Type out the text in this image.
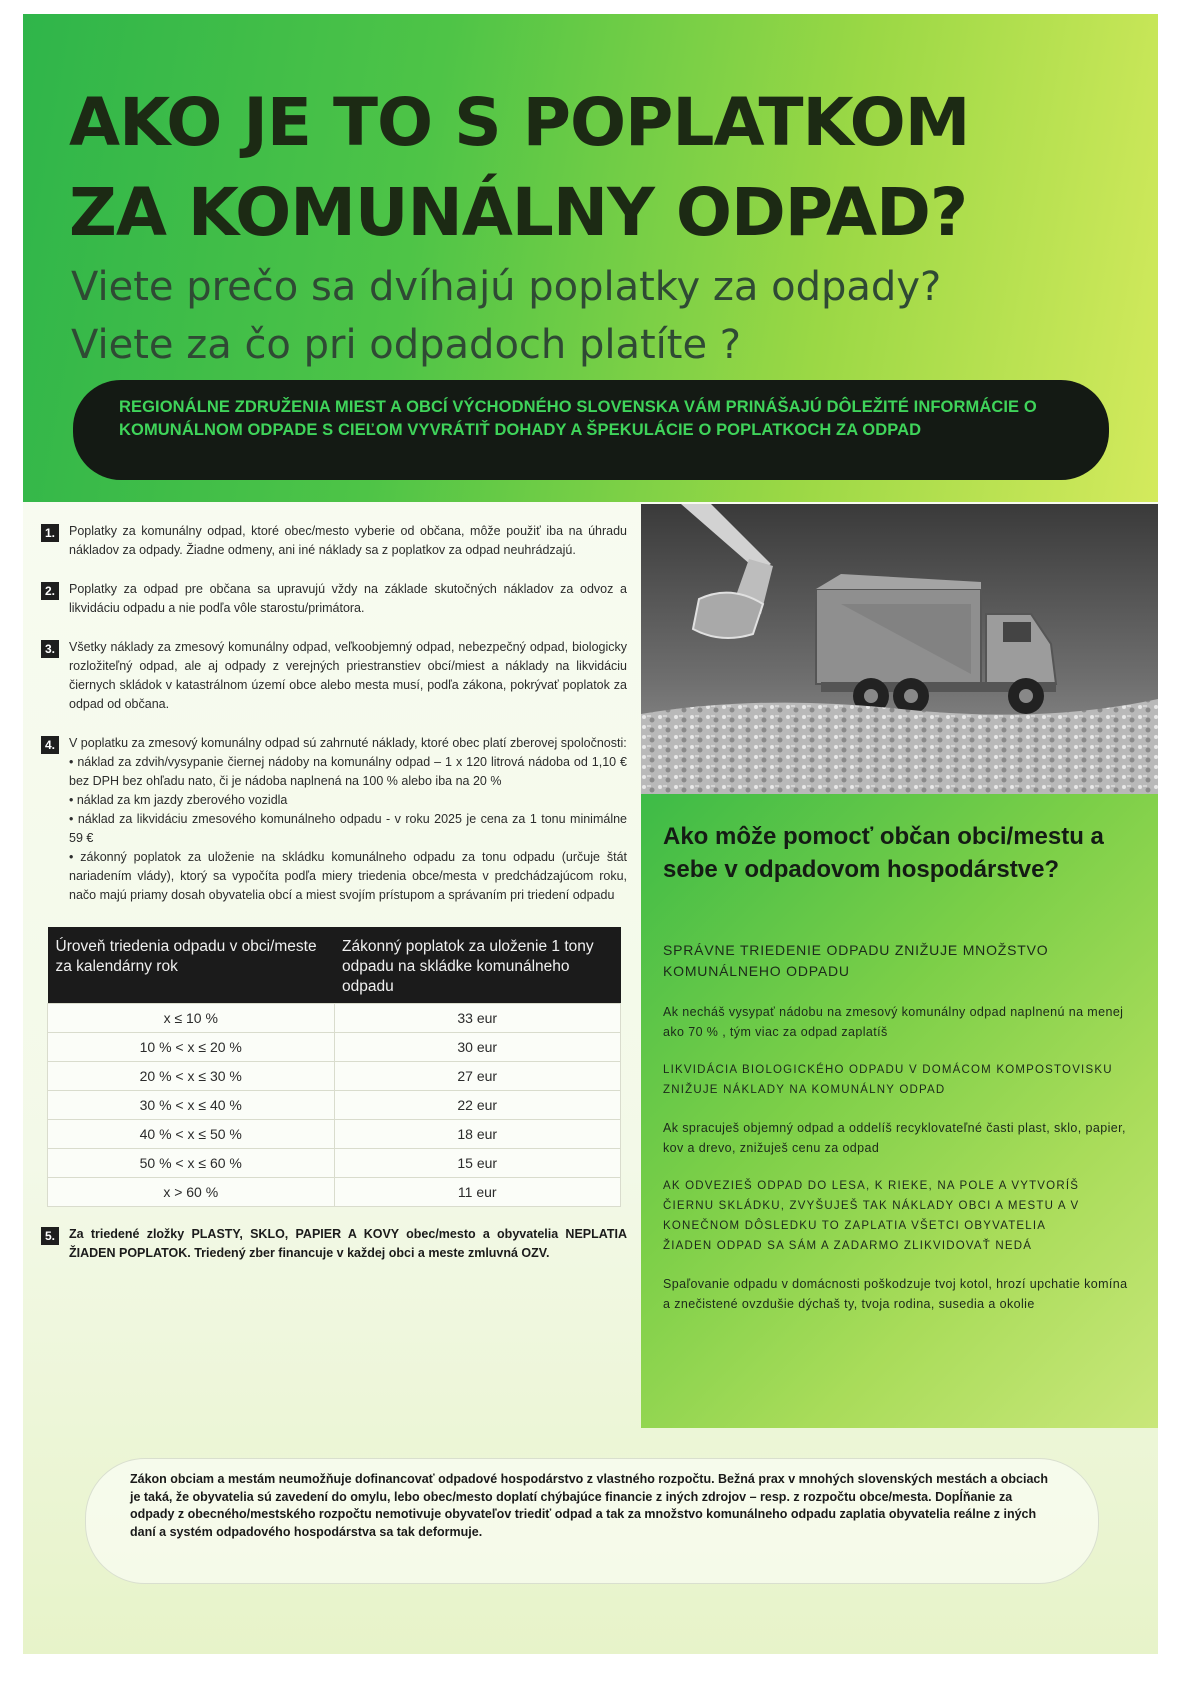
AKO JE TO S POPLATKOM
ZA KOMUNÁLNY ODPAD?
Viete prečo sa dvíhajú poplatky za odpady?
Viete za čo pri odpadoch platíte ?
REGIONÁLNE ZDRUŽENIA MIEST A OBCÍ VÝCHODNÉHO SLOVENSKA VÁM PRINÁŠAJÚ DÔLEŽITÉ INFORMÁCIE O KOMUNÁLNOM ODPADE S CIEĽOM VYVRÁTIŤ DOHADY A ŠPEKULÁCIE O POPLATKOCH ZA ODPAD
1.	Poplatky za komunálny odpad, ktoré obec/mesto vyberie od občana, môže použiť iba na úhradu nákladov za odpady. Žiadne odmeny, ani iné náklady sa z poplatkov za odpad neuhrádzajú.

2.	Poplatky za odpad pre občana sa upravujú vždy na základe skutočných nákladov za odvoz a likvidáciu odpadu a nie podľa vôle starostu/primátora.

3.	Všetky náklady za zmesový komunálny odpad, veľkoobjemný odpad, nebezpečný odpad, biologicky rozložiteľný odpad, ale aj odpady z verejných priestranstiev obcí/miest a náklady na likvidáciu čiernych skládok v katastrálnom území obce alebo mesta musí, podľa zákona, pokrývať poplatok za odpad od občana.

4.	V poplatku za zmesový komunálny odpad sú zahrnuté náklady, ktoré obec platí zberovej spoločnosti:

• náklad za zdvih/vysypanie čiernej nádoby na komunálny odpad – 1 x 120 litrová nádoba od 1,10 € bez DPH bez ohľadu nato, či je nádoba naplnená na 100 % alebo iba na 20 %

• náklad za km jazdy zberového vozidla

• náklad za likvidáciu zmesového komunálneho odpadu - v roku 2025 je cena za 1 tonu minimálne 59 €

• zákonný poplatok za uloženie na skládku komunálneho odpadu za tonu odpadu (určuje štát nariadením vlády), ktorý sa vypočíta podľa miery triedenia obce/mesta v predchádzajúcom roku, načo majú priamy dosah obyvatelia obcí a miest svojím prístupom a správaním pri triedení odpadu

Úroveň triedenia odpadu v obci/meste za kalendárny rok	Zákonný poplatok za uloženie 1 tony odpadu na skládke komunálneho odpadu
x ≤ 10 %	33 eur
10 % < x ≤ 20 %	30 eur
20 % < x ≤ 30 %	27 eur
30 % < x ≤ 40 %	22 eur
40 % < x ≤ 50 %	18 eur
50 % < x ≤ 60 %	15 eur
x > 60 %	11 eur
5.	Za triedené zložky PLASTY, SKLO, PAPIER A KOVY obec/mesto a obyvatelia NEPLATIA ŽIADEN POPLATOK. Triedený zber financuje v každej obci a meste zmluvná OZV.

Ako môže pomocť občan obci/mestu a sebe v odpadovom hospodárstve?

SPRÁVNE TRIEDENIE ODPADU ZNIŽUJE MNOŽSTVO KOMUNÁLNEHO ODPADU

Ak necháš vysypať nádobu na zmesový komunálny odpad naplnenú na menej ako 70 % , tým viac za odpad zaplatíš

LIKVIDÁCIA BIOLOGICKÉHO ODPADU V DOMÁCOM KOMPOSTOVISKU ZNIŽUJE NÁKLADY NA KOMUNÁLNY ODPAD

Ak spracuješ objemný odpad a oddelíš recyklovateľné časti plast, sklo, papier, kov a drevo, znižuješ cenu za odpad

AK ODVEZIEŠ ODPAD DO LESA, K RIEKE, NA POLE A VYTVORÍŠ ČIERNU SKLÁDKU, ZVYŠUJEŠ TAK NÁKLADY OBCI A MESTU A V KONEČNOM DÔSLEDKU TO ZAPLATIA VŠETCI OBYVATELIA

ŽIADEN ODPAD SA SÁM A ZADARMO ZLIKVIDOVAŤ NEDÁ

Spaľovanie odpadu v domácnosti poškodzuje tvoj kotol, hrozí upchatie komína a znečistené ovzdušie dýchaš ty, tvoja rodina, susedia a okolie

Zákon obciam a mestám neumožňuje dofinancovať odpadové hospodárstvo z vlastného rozpočtu. Bežná prax v mnohých slovenských mestách a obciach je taká, že obyvatelia sú zavedení do omylu, lebo obec/mesto doplatí chýbajúce financie z iných zdrojov – resp. z rozpočtu obce/mesta. Dopĺňanie za odpady z obecného/mestského rozpočtu nemotivuje obyvateľov triediť odpad a tak za množstvo komunálneho odpadu zaplatia obyvatelia reálne z iných daní a systém odpadového hospodárstva sa tak deformuje.
